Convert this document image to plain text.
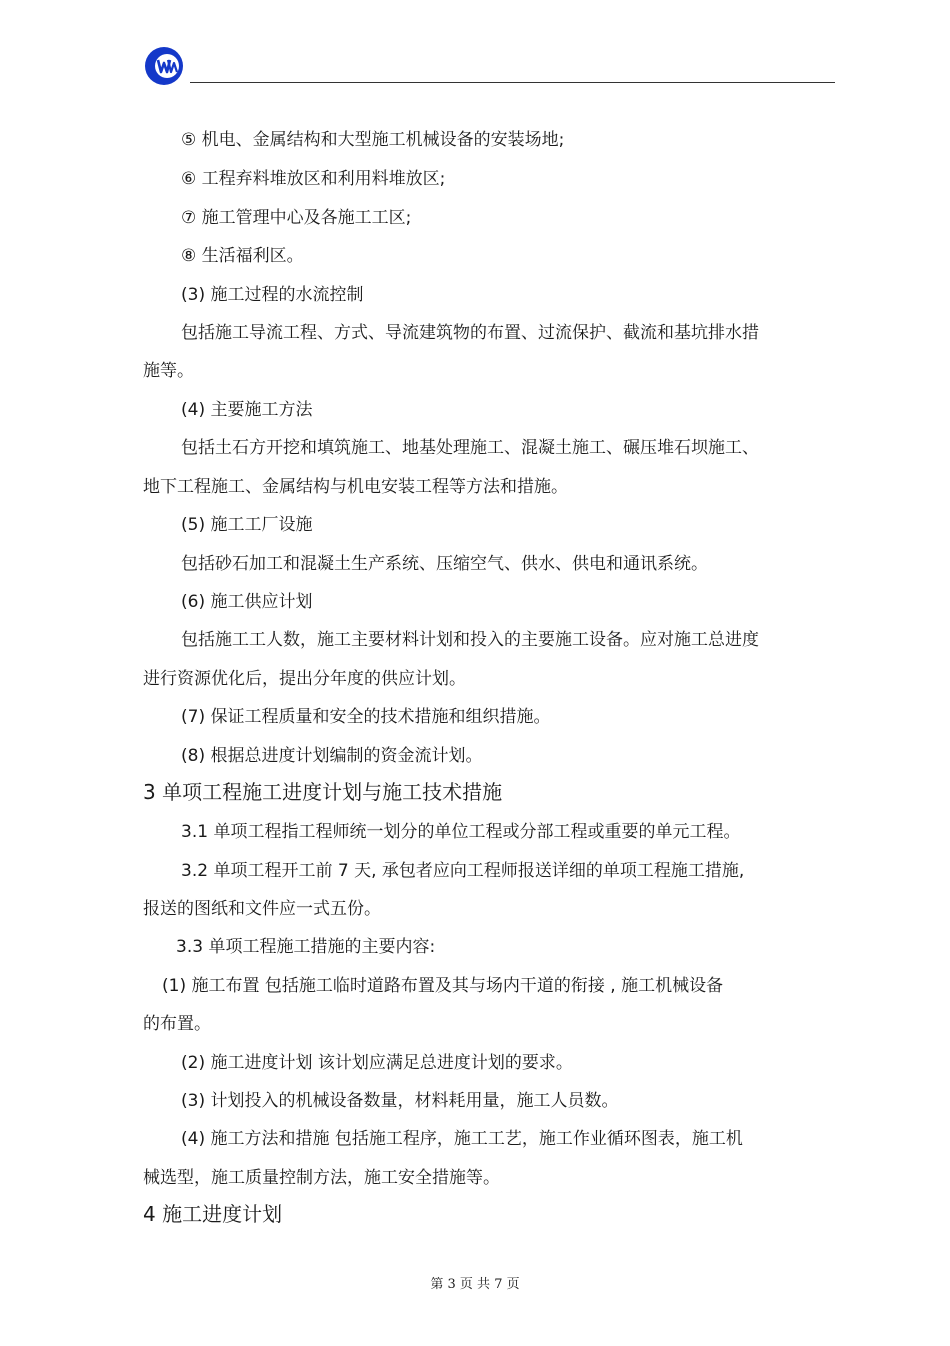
⑤ 机电、金属结构和大型施工机械设备的安装场地;
⑥ 工程弃料堆放区和利用料堆放区;
⑦ 施工管理中心及各施工工区;
⑧ 生活福利区。
(3) 施工过程的水流控制
包括施工导流工程、方式、导流建筑物的布置、过流保护、截流和基坑排水措
施等。
(4) 主要施工方法
包括土石方开挖和填筑施工、地基处理施工、混凝土施工、碾压堆石坝施工、
地下工程施工、金属结构与机电安装工程等方法和措施。
(5) 施工工厂设施
包括砂石加工和混凝土生产系统、压缩空气、供水、供电和通讯系统。
(6) 施工供应计划
包括施工工人数，施工主要材料计划和投入的主要施工设备。应对施工总进度
进行资源优化后，提出分年度的供应计划。
(7) 保证工程质量和安全的技术措施和组织措施。
(8) 根据总进度计划编制的资金流计划。
3 单项工程施工进度计划与施工技术措施
3.1 单项工程指工程师统一划分的单位工程或分部工程或重要的单元工程。
3.2 单项工程开工前 7 天, 承包者应向工程师报送详细的单项工程施工措施,
报送的图纸和文件应一式五份。
3.3 单项工程施工措施的主要内容:
(1) 施工布置 包括施工临时道路布置及其与场内干道的衔接 , 施工机械设备
的布置。
(2) 施工进度计划 该计划应满足总进度计划的要求。
(3) 计划投入的机械设备数量，材料耗用量，施工人员数。
(4) 施工方法和措施 包括施工程序，施工工艺，施工作业循环图表，施工机
械选型，施工质量控制方法，施工安全措施等。
4 施工进度计划
第 3 页 共 7 页
